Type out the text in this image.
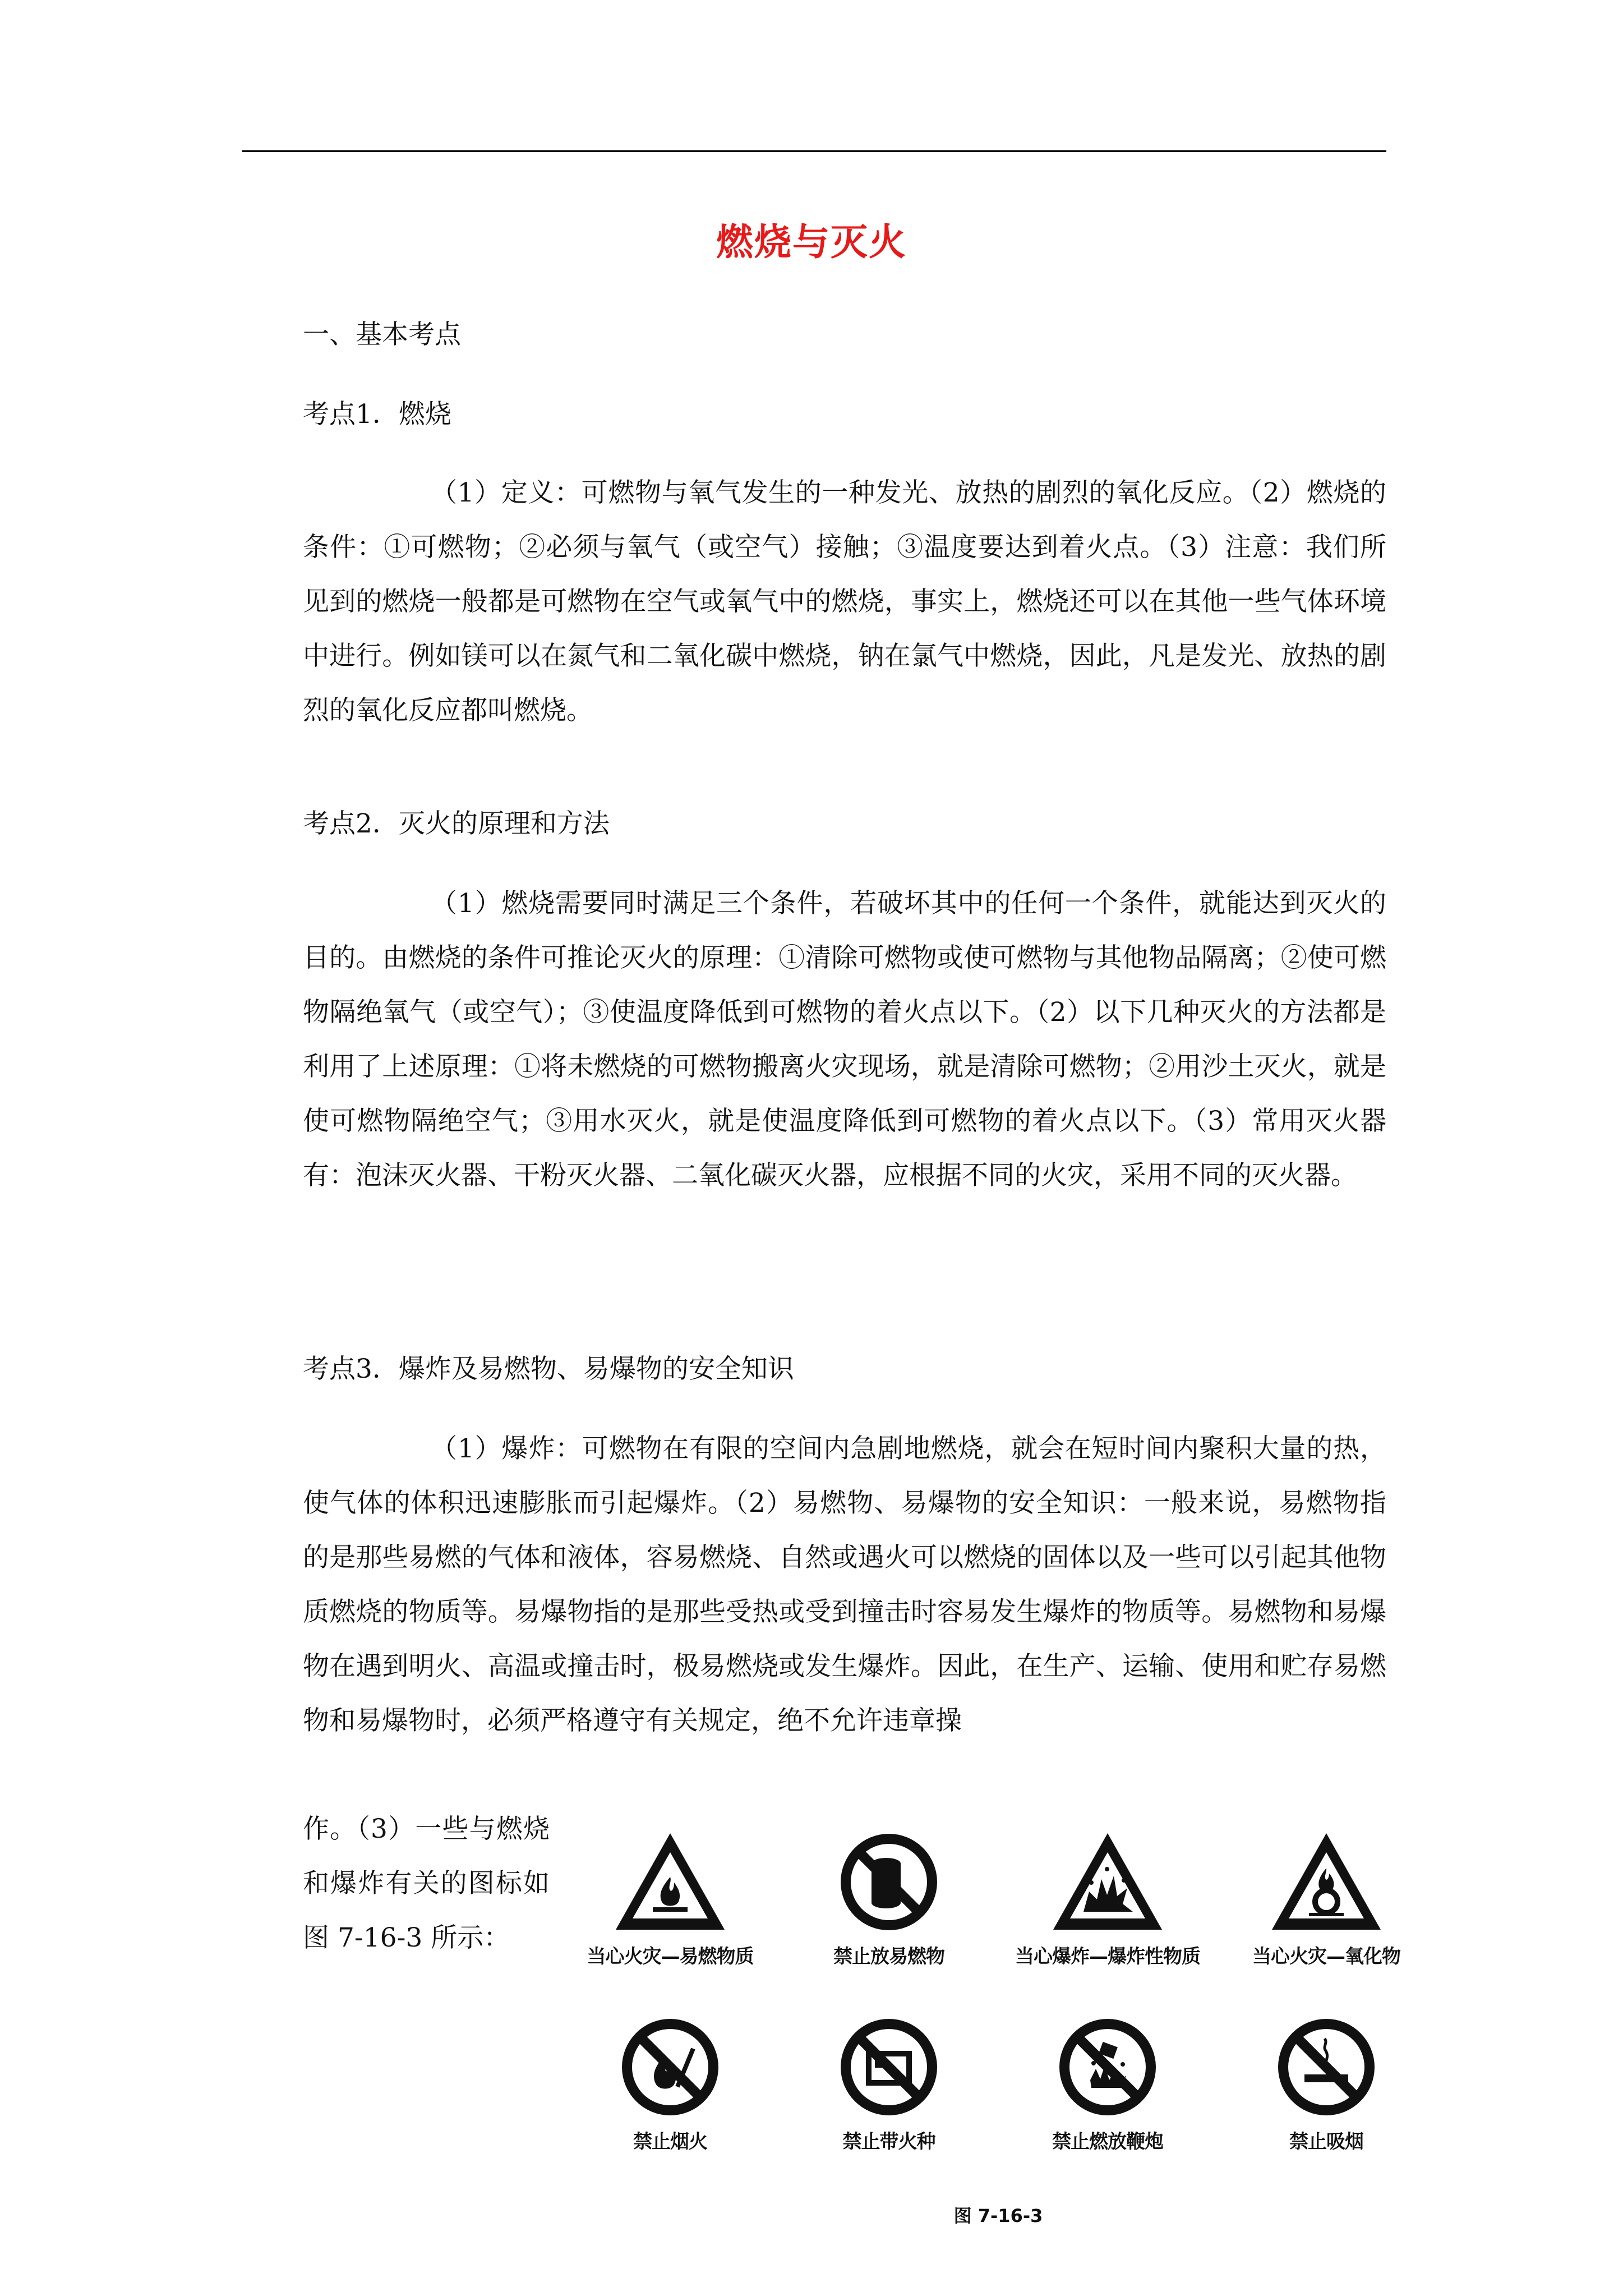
燃烧与灭火
一、基本考点
考点1．燃烧
（1）定义：可燃物与氧气发生的一种发光、放热的剧烈的氧化反应。（2）燃烧的条件：①可燃物；②必须与氧气（或空气）接触；③温度要达到着火点。（3）注意：我们所见到的燃烧一般都是可燃物在空气或氧气中的燃烧，事实上，燃烧还可以在其他一些气体环境中进行。例如镁可以在氮气和二氧化碳中燃烧，钠在氯气中燃烧，因此，凡是发光、放热的剧烈的氧化反应都叫燃烧。
考点2．灭火的原理和方法
（1）燃烧需要同时满足三个条件，若破坏其中的任何一个条件，就能达到灭火的目的。由燃烧的条件可推论灭火的原理：①清除可燃物或使可燃物与其他物品隔离；②使可燃物隔绝氧气（或空气）；③使温度降低到可燃物的着火点以下。（2）以下几种灭火的方法都是利用了上述原理：①将未燃烧的可燃物搬离火灾现场，就是清除可燃物；②用沙土灭火，就是使可燃物隔绝空气；③用水灭火，就是使温度降低到可燃物的着火点以下。（3）常用灭火器有：泡沫灭火器、干粉灭火器、二氧化碳灭火器，应根据不同的火灾，采用不同的灭火器。
考点3．爆炸及易燃物、易爆物的安全知识
（1）爆炸：可燃物在有限的空间内急剧地燃烧，就会在短时间内聚积大量的热，使气体的体积迅速膨胀而引起爆炸。（2）易燃物、易爆物的安全知识：一般来说，易燃物指的是那些易燃的气体和液体，容易燃烧、自然或遇火可以燃烧的固体以及一些可以引起其他物质燃烧的物质等。易爆物指的是那些受热或受到撞击时容易发生爆炸的物质等。易燃物和易爆物在遇到明火、高温或撞击时，极易燃烧或发生爆炸。因此，在生产、运输、使用和贮存易燃物和易爆物时，必须严格遵守有关规定，绝不允许违章操
作。（3）一些与燃烧和爆炸有关的图标如图 7-16-3 所示：
当心火灾—易燃物质	禁止放易燃物	当心爆炸—爆炸性物质	当心火灾—氧化物
禁止烟火	禁止带火种	禁止燃放鞭炮	禁止吸烟
图 7-16-3
